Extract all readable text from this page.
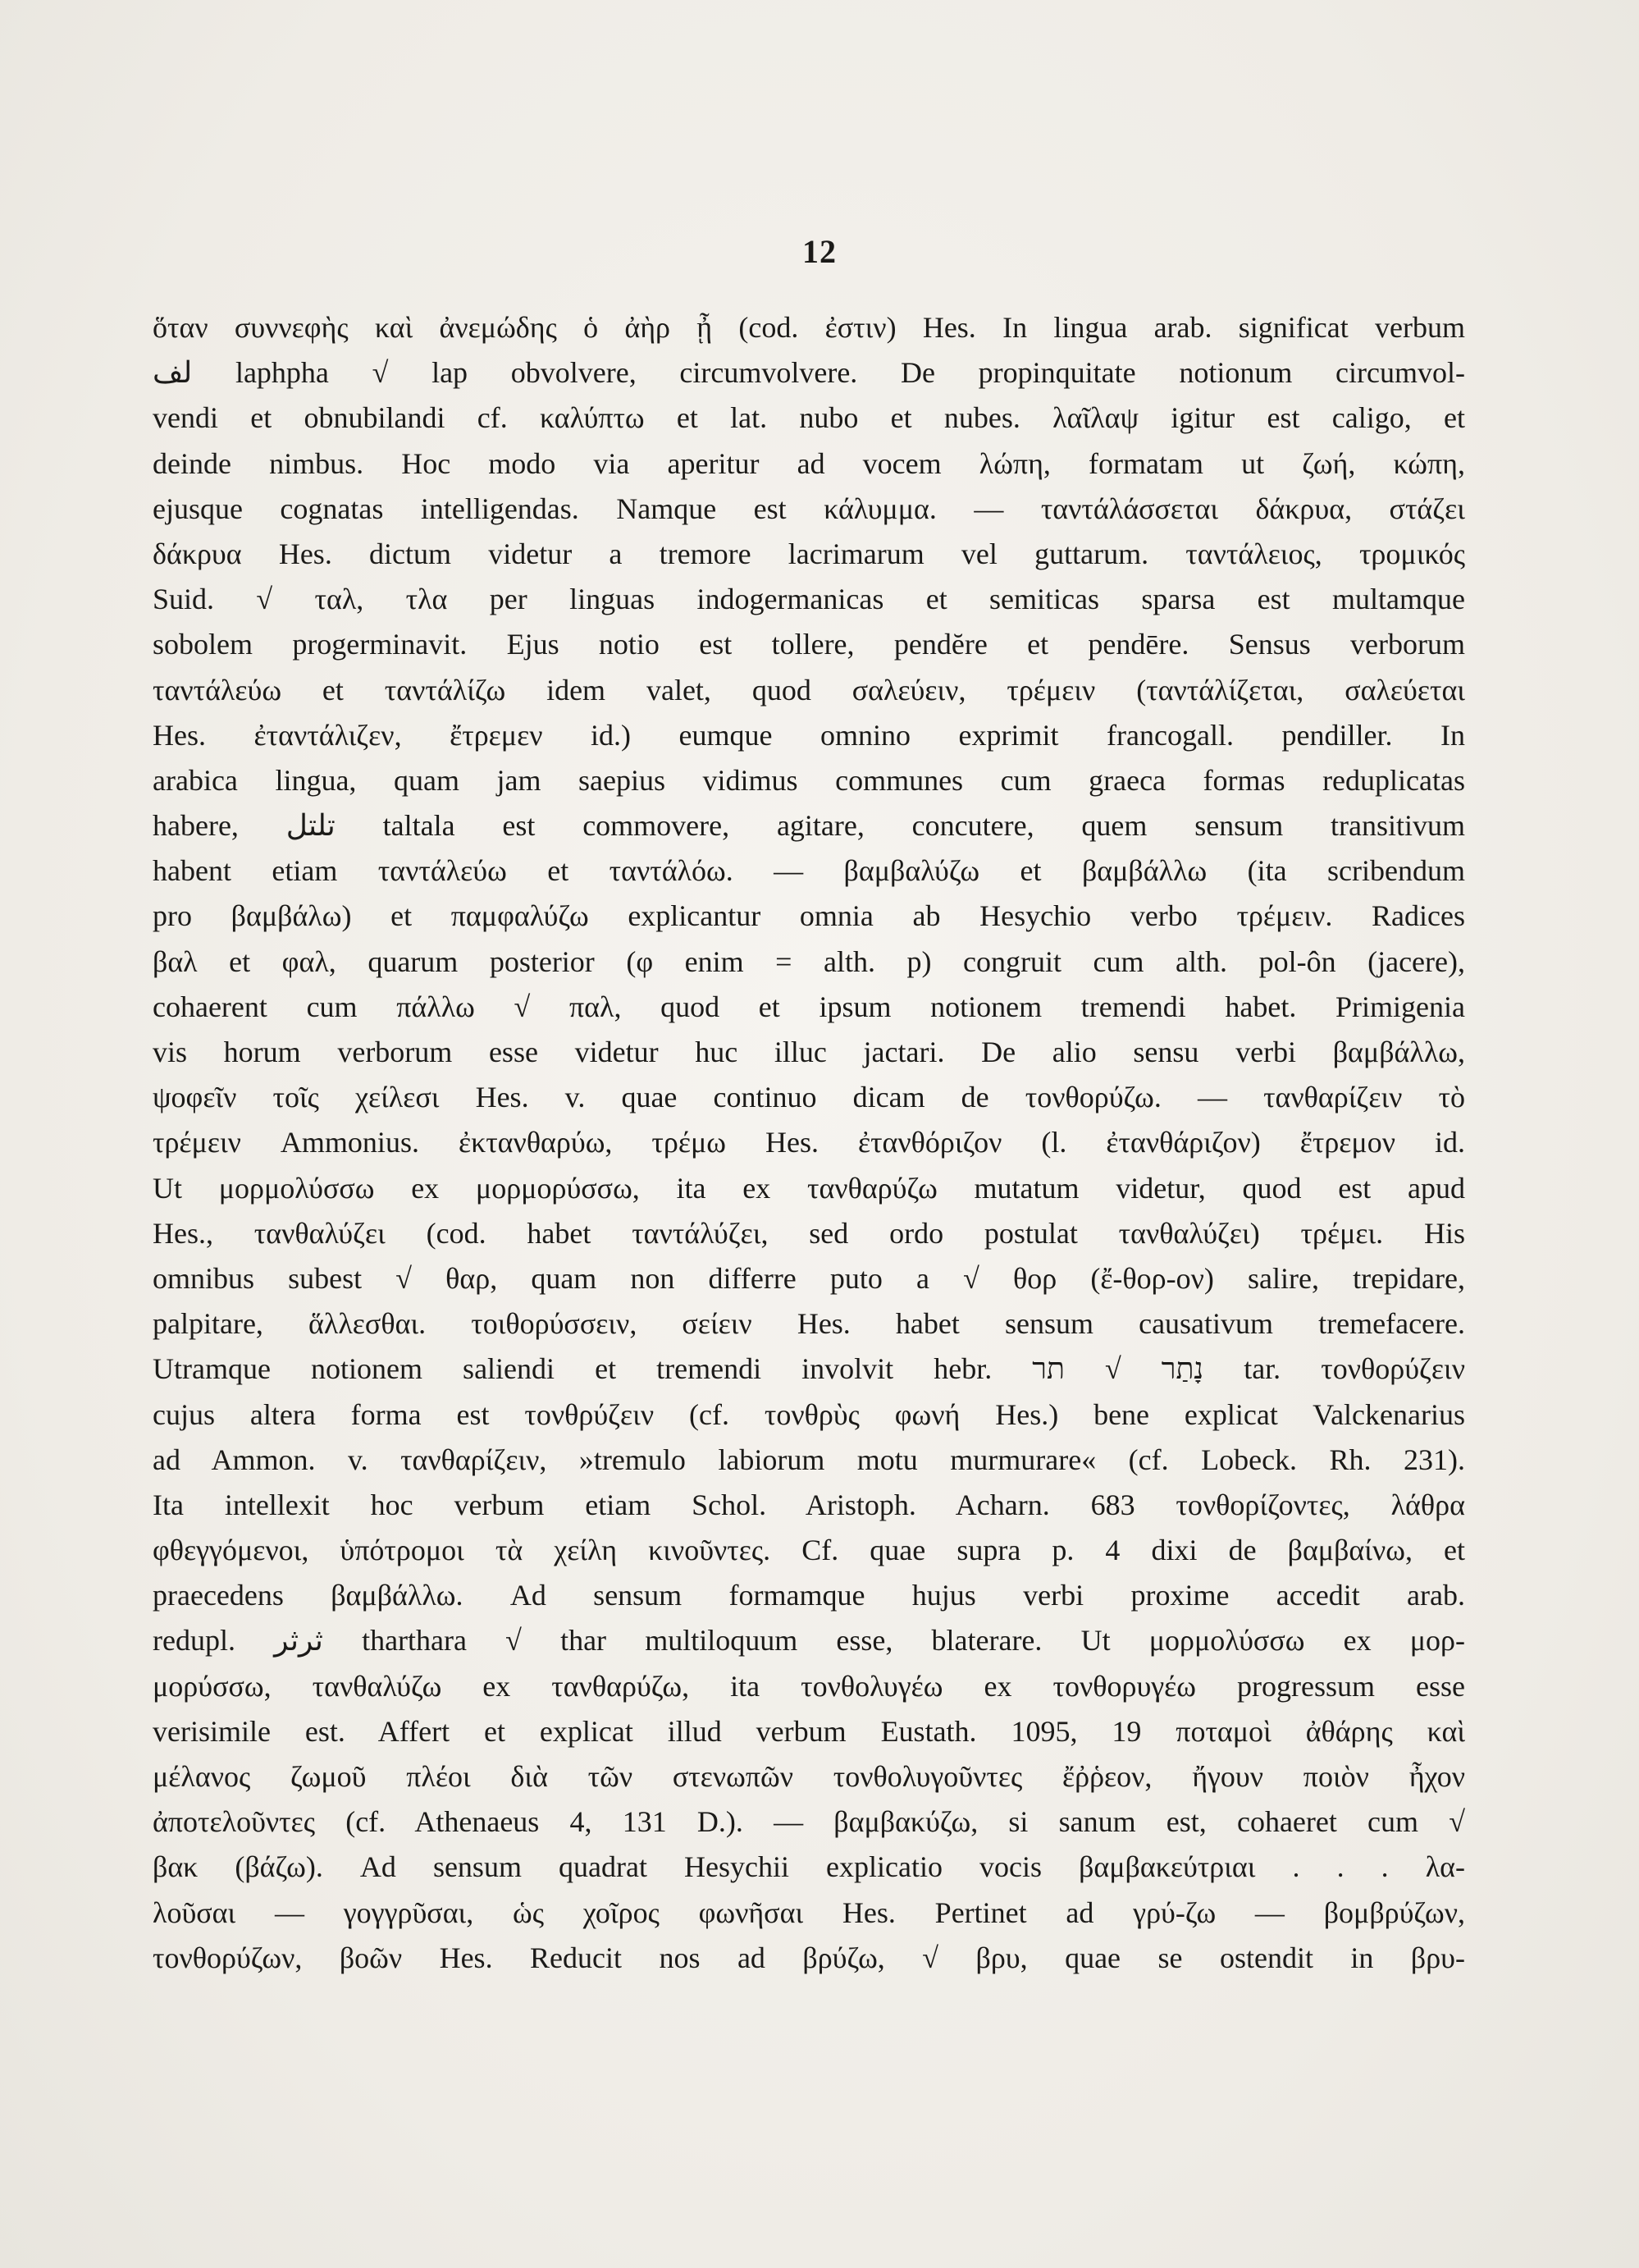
12
ὅταν συννεφὴς καὶ ἀνεμώδης ὁ ἀὴρ ᾖ (cod. ἐστιν) Hes. In lingua arab. significat verbum
لف laphpha √ lap obvolvere, circumvolvere. De propinquitate notionum circumvol-
vendi et obnubilandi cf. καλύπτω et lat. nubo et nubes. λαῖλαψ igitur est caligo, et
deinde nimbus. Hoc modo via aperitur ad vocem λώπη, formatam ut ζωή, κώπη,
ejusque cognatas intelligendas. Namque est κάλυμμα. — ταντάλάσσεται δάκρυα, στάζει
δάκρυα Hes. dictum videtur a tremore lacrimarum vel guttarum. ταντάλειος, τρομικός
Suid. √ ταλ, τλα per linguas indogermanicas et semiticas sparsa est multamque
sobolem progerminavit. Ejus notio est tollere, pendĕre et pendēre. Sensus verborum
ταντάλεύω et ταντάλίζω idem valet, quod σαλεύειν, τρέμειν (ταντάλίζεται, σαλεύεται
Hes. ἐταντάλιζεν, ἔτρεμεν id.) eumque omnino exprimit francogall. pendiller. In
arabica lingua, quam jam saepius vidimus communes cum graeca formas reduplicatas
habere, تلتل taltala est commovere, agitare, concutere, quem sensum transitivum
habent etiam ταντάλεύω et ταντάλόω. — βαμβαλύζω et βαμβάλλω (ita scribendum
pro βαμβάλω) et παμφαλύζω explicantur omnia ab Hesychio verbo τρέμειν. Radices
βαλ et φαλ, quarum posterior (φ enim = alth. p) congruit cum alth. pol-ôn (jacere),
cohaerent cum πάλλω √ παλ, quod et ipsum notionem tremendi habet. Primigenia
vis horum verborum esse videtur huc illuc jactari. De alio sensu verbi βαμβάλλω,
ψοφεῖν τοῖς χείλεσι Hes. v. quae continuo dicam de τονθορύζω. — τανθαρίζειν τὸ
τρέμειν Ammonius. ἐκτανθαρύω, τρέμω Hes. ἐτανθόριζον (l. ἐτανθάριζον) ἔτρεμον id.
Ut μορμολύσσω ex μορμορύσσω, ita ex τανθαρύζω mutatum videtur, quod est apud
Hes., τανθαλύζει (cod. habet ταντάλύζει, sed ordo postulat τανθαλύζει) τρέμει. His
omnibus subest √ θαρ, quam non differre puto a √ θορ (ἔ-θορ-ον) salire, trepidare,
palpitare, ἅλλεσθαι. τοιθορύσσειν, σείειν Hes. habet sensum causativum tremefacere.
Utramque notionem saliendi et tremendi involvit hebr. נָתַר √ תר tar. τονθορύζειν
cujus altera forma est τονθρύζειν (cf. τονθρὺς φωνή Hes.) bene explicat Valckenarius
ad Ammon. v. τανθαρίζειν, »tremulo labiorum motu murmurare« (cf. Lobeck. Rh. 231).
Ita intellexit hoc verbum etiam Schol. Aristoph. Acharn. 683 τονθορίζοντες, λάθρα
φθεγγόμενοι, ὑπότρομοι τὰ χείλη κινοῦντες. Cf. quae supra p. 4 dixi de βαμβαίνω, et
praecedens βαμβάλλω. Ad sensum formamque hujus verbi proxime accedit arab.
redupl. ثرثر tharthara √ thar multiloquum esse, blaterare. Ut μορμολύσσω ex μορ-
μορύσσω, τανθαλύζω ex τανθαρύζω, ita τονθολυγέω ex τονθορυγέω progressum esse
verisimile est. Affert et explicat illud verbum Eustath. 1095, 19 ποταμοὶ ἀθάρης καὶ
μέλανος ζωμοῦ πλέοι διὰ τῶν στενωπῶν τονθολυγοῦντες ἔῤῥεον, ἤγουν ποιὸν ἦχον
ἀποτελοῦντες (cf. Athenaeus 4, 131 D.). — βαμβακύζω, si sanum est, cohaeret cum √
βακ (βάζω). Ad sensum quadrat Hesychii explicatio vocis βαμβακεύτριαι . . . λα-
λοῦσαι — γογγρῦσαι, ὡς χοῖρος φωνῆσαι Hes. Pertinet ad γρύ-ζω — βομβρύζων,
τονθορύζων, βοῶν Hes. Reducit nos ad βρύζω, √ βρυ, quae se ostendit in βρυ-
